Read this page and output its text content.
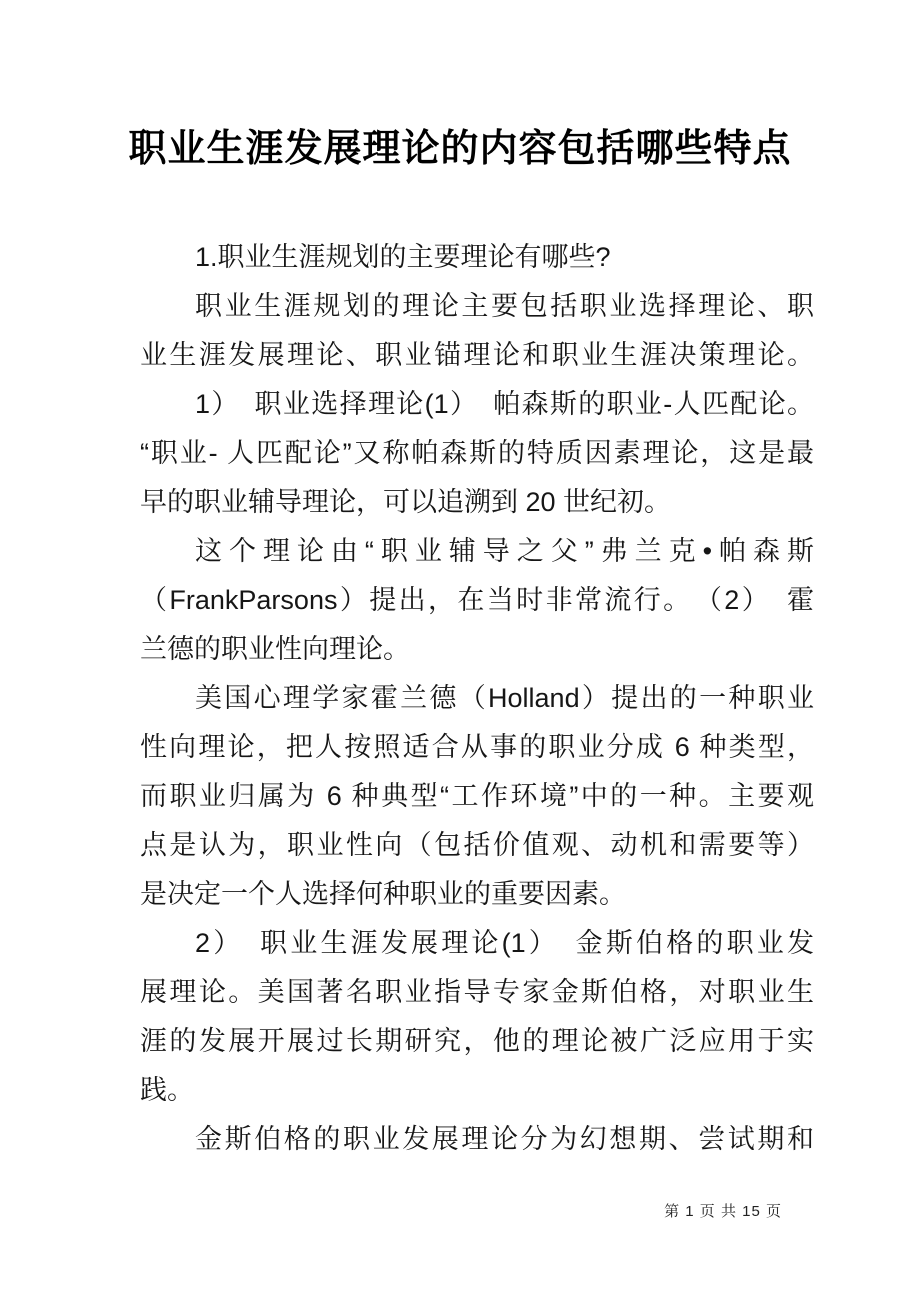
职业生涯发展理论的内容包括哪些特点
1.职业生涯规划的主要理论有哪些?
职业生涯规划的理论主要包括职业选择理论、职
业生涯发展理论、职业锚理论和职业生涯决策理论。
1）　职业选择理论(1）　帕森斯的职业-人匹配论。
“职业- 人匹配论”又称帕森斯的特质因素理论，这是最
早的职业辅导理论，可以追溯到 20 世纪初。
这个理论由“职业辅导之父”弗兰克•帕森斯
（FrankParsons）提出，在当时非常流行。　（2）　霍
兰德的职业性向理论。
美国心理学家霍兰德（Holland）提出的一种职业
性向理论，把人按照适合从事的职业分成 6 种类型，
而职业归属为 6 种典型“工作环境”中的一种。主要观
点是认为，职业性向（包括价值观、动机和需要等）
是决定一个人选择何种职业的重要因素。
2）　职业生涯发展理论(1）　金斯伯格的职业发
展理论。美国著名职业指导专家金斯伯格，对职业生
涯的发展开展过长期研究，他的理论被广泛应用于实
践。
金斯伯格的职业发展理论分为幻想期、尝试期和
第 1 页 共 15 页
